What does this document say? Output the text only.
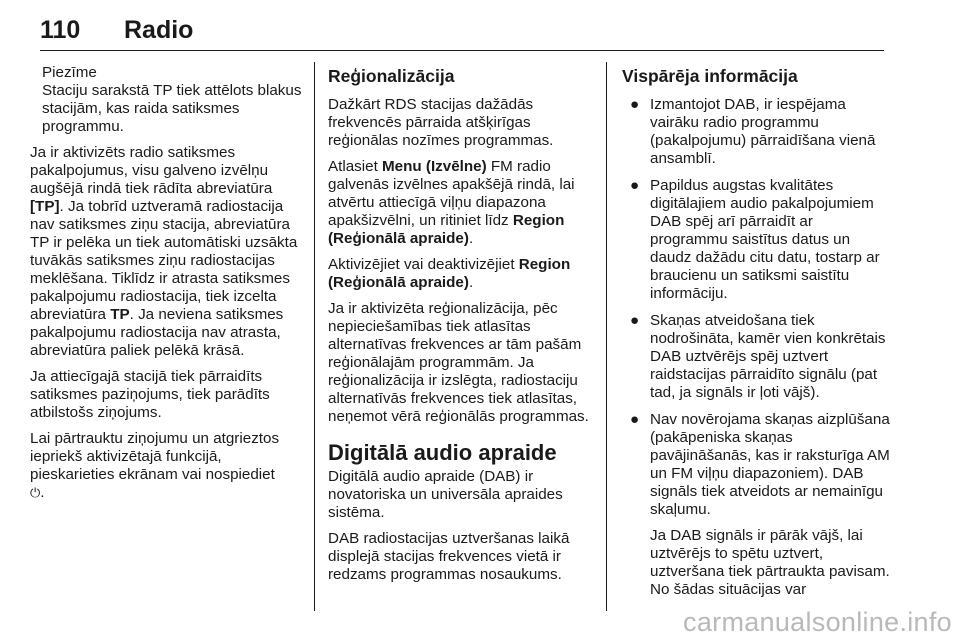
110 Radio
Piezīme
Staciju sarakstā TP tiek attēlots blakus stacijām, kas raida satiksmes programmu.

Ja ir aktivizēts radio satiksmes pakalpojumus, visu galveno izvēlņu augšējā rindā tiek rādīta abreviatūra [TP]. Ja tobrīd uztveramā radiostacija nav satiksmes ziņu stacija, abreviatūra TP ir pelēka un tiek automātiski uzsākta tuvākās satiksmes ziņu radiostacijas meklēšana. Tiklīdz ir atrasta satiksmes pakalpojumu radiostacija, tiek izcelta abreviatūra TP. Ja neviena satiksmes pakalpojumu radiostacija nav atrasta, abreviatūra paliek pelēkā krāsā.

Ja attiecīgajā stacijā tiek pārraidīts satiksmes paziņojums, tiek parādīts atbilstošs ziņojums.

Lai pārtrauktu ziņojumu un atgrieztos iepriekš aktivizētajā funkcijā, pieskarieties ekrānam vai nospiediet
⏻.

Reģionalizācija

Dažkārt RDS stacijas dažādās frekvencēs pārraida atšķirīgas reģionālas nozīmes programmas.

Atlasiet Menu (Izvēlne) FM radio galvenās izvēlnes apakšējā rindā, lai atvērtu attiecīgā viļņu diapazona apakšizvēlni, un ritiniet līdz Region (Reģionālā apraide).

Aktivizējiet vai deaktivizējiet Region (Reģionālā apraide).

Ja ir aktivizēta reģionalizācija, pēc nepieciešamības tiek atlasītas alternatīvas frekvences ar tām pašām reģionālajām programmām. Ja reģionalizācija ir izslēgta, radiostaciju alternatīvās frekvences tiek atlasītas, neņemot vērā reģionālās programmas.

Digitālā audio apraide

Digitālā audio apraide (DAB) ir novatoriska un universāla apraides sistēma.

DAB radiostacijas uztveršanas laikā displejā stacijas frekvences vietā ir redzams programmas nosaukums.

Vispārēja informācija
● Izmantojot DAB, ir iespējama vairāku radio programmu (pakalpojumu) pārraidīšana vienā ansamblī.
● Papildus augstas kvalitātes digitālajiem audio pakalpojumiem DAB spēj arī pārraidīt ar programmu saistītus datus un daudz dažādu citu datu, tostarp ar braucienu un satiksmi saistītu informāciju.
● Skaņas atveidošana tiek nodrošināta, kamēr vien konkrētais DAB uztvērējs spēj uztvert raidstacijas pārraidīto signālu (pat tad, ja signāls ir ļoti vājš).
● Nav novērojama skaņas aizplūšana (pakāpeniska skaņas pavājināšanās, kas ir raksturīga AM un FM viļņu diapazoniem). DAB signāls tiek atveidots ar nemainīgu skaļumu.

Ja DAB signāls ir pārāk vājš, lai uztvērējs to spētu uztvert, uztveršana tiek pārtraukta pavisam. No šādas situācijas var

carmanualsonline.info
